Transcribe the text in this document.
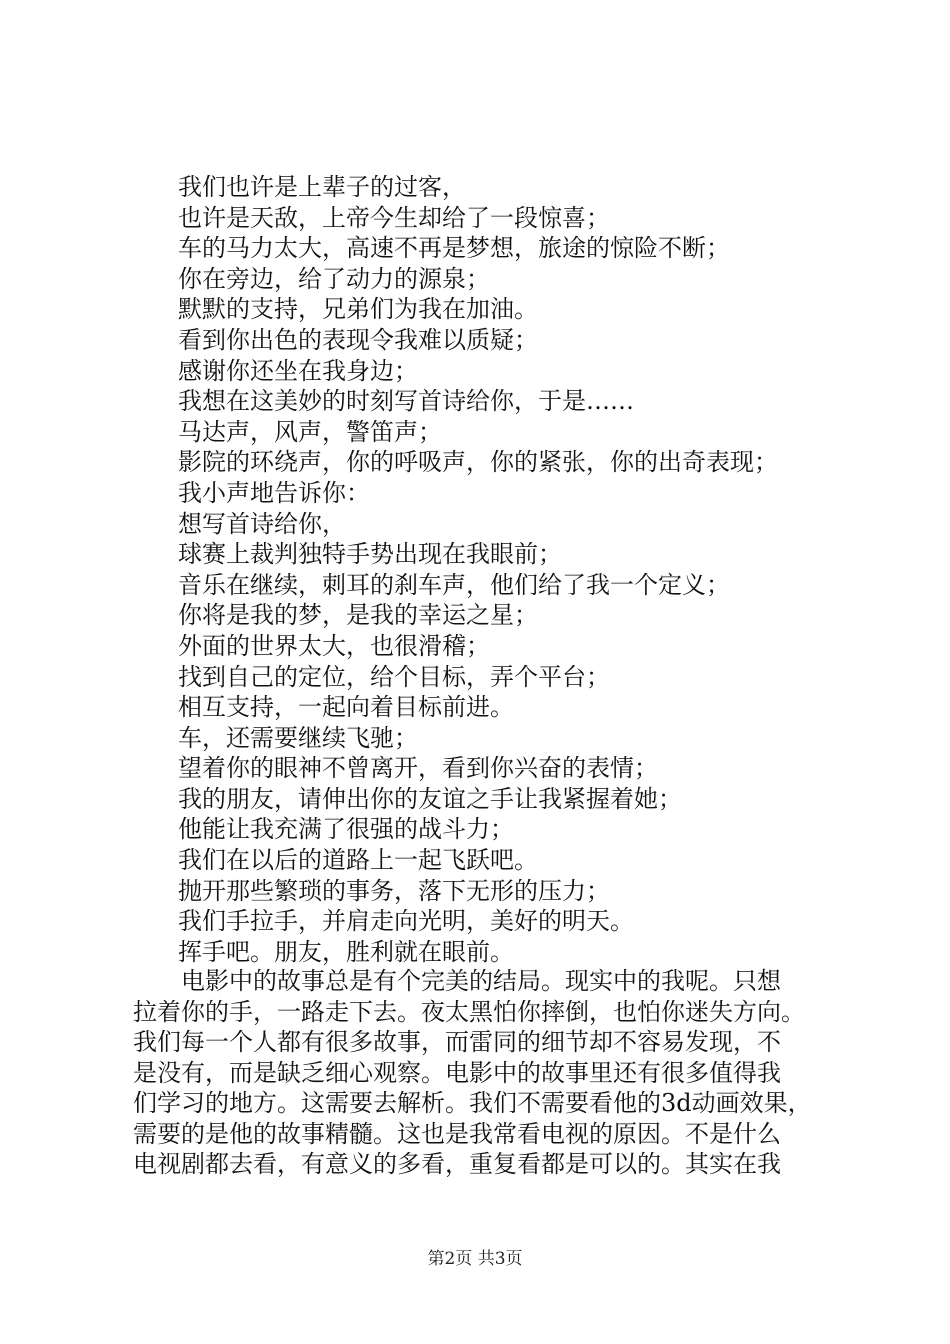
我们也许是上辈子的过客，
也许是天敌，上帝今生却给了一段惊喜；
车的马力太大，高速不再是梦想，旅途的惊险不断；
你在旁边，给了动力的源泉；
默默的支持，兄弟们为我在加油。
看到你出色的表现令我难以质疑；
感谢你还坐在我身边；
我想在这美妙的时刻写首诗给你，于是……
马达声，风声，警笛声；
影院的环绕声，你的呼吸声，你的紧张，你的出奇表现；
我小声地告诉你：
想写首诗给你，
球赛上裁判独特手势出现在我眼前；
音乐在继续，刺耳的刹车声，他们给了我一个定义；
你将是我的梦，是我的幸运之星；
外面的世界太大，也很滑稽；
找到自己的定位，给个目标，弄个平台；
相互支持，一起向着目标前进。
车，还需要继续飞驰；
望着你的眼神不曾离开，看到你兴奋的表情；
我的朋友，请伸出你的友谊之手让我紧握着她；
他能让我充满了很强的战斗力；
我们在以后的道路上一起飞跃吧。
抛开那些繁琐的事务，落下无形的压力；
我们手拉手，并肩走向光明，美好的明天。
挥手吧。朋友，胜利就在眼前。

电影中的故事总是有个完美的结局。现实中的我呢。只想
拉着你的手，一路走下去。夜太黑怕你摔倒，也怕你迷失方向。
我们每一个人都有很多故事，而雷同的细节却不容易发现，不
是没有，而是缺乏细心观察。电影中的故事里还有很多值得我
们学习的地方。这需要去解析。我们不需要看他的3d动画效果，
需要的是他的故事精髓。这也是我常看电视的原因。不是什么
电视剧都去看，有意义的多看，重复看都是可以的。其实在我

第2页 共3页
